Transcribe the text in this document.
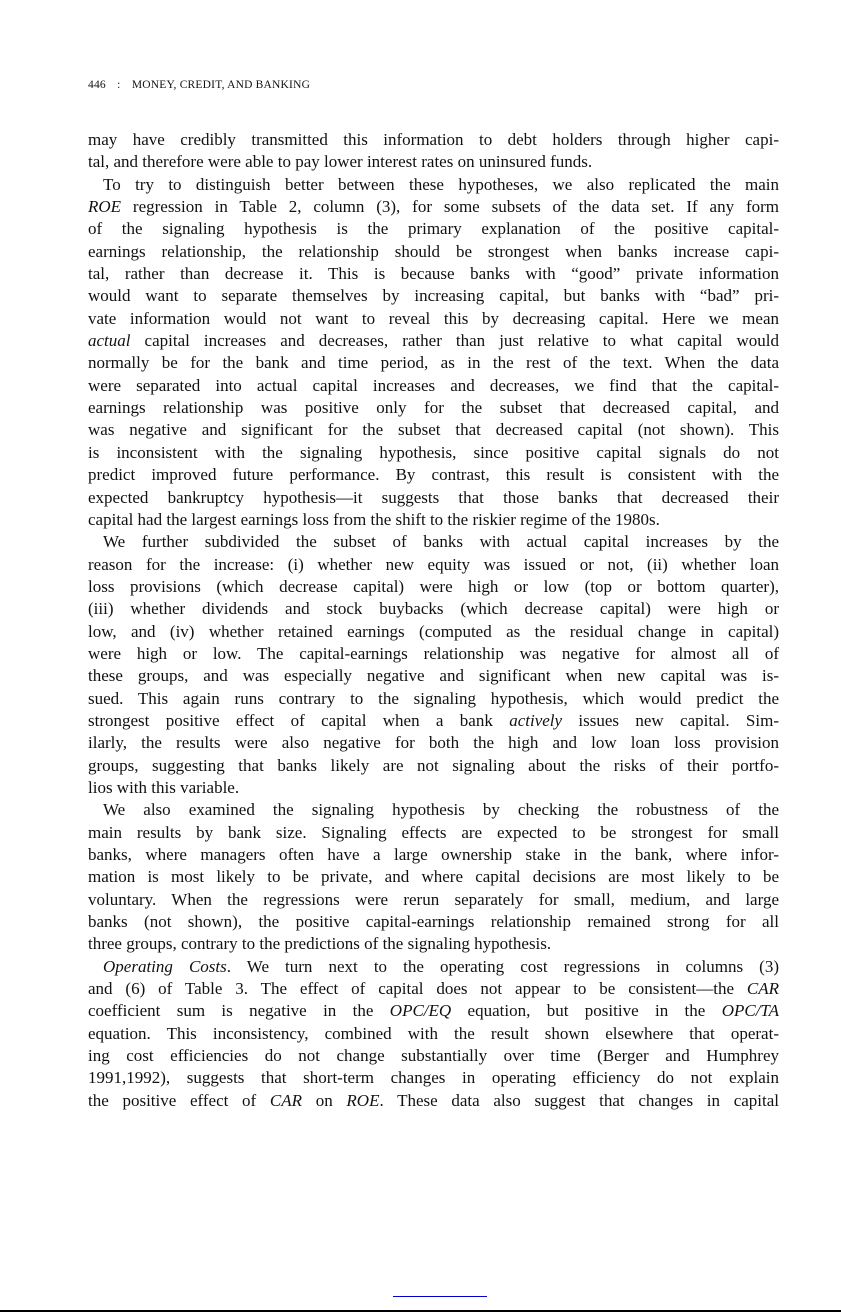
446 : MONEY, CREDIT, AND BANKING
may have credibly transmitted this information to debt holders through higher capi-
tal, and therefore were able to pay lower interest rates on uninsured funds.
To try to distinguish better between these hypotheses, we also replicated the main
ROE regression in Table 2, column (3), for some subsets of the data set. If any form
of the signaling hypothesis is the primary explanation of the positive capital-
earnings relationship, the relationship should be strongest when banks increase capi-
tal, rather than decrease it. This is because banks with “good” private information
would want to separate themselves by increasing capital, but banks with “bad” pri-
vate information would not want to reveal this by decreasing capital. Here we mean
actual capital increases and decreases, rather than just relative to what capital would
normally be for the bank and time period, as in the rest of the text. When the data
were separated into actual capital increases and decreases, we find that the capital-
earnings relationship was positive only for the subset that decreased capital, and
was negative and significant for the subset that decreased capital (not shown). This
is inconsistent with the signaling hypothesis, since positive capital signals do not
predict improved future performance. By contrast, this result is consistent with the
expected bankruptcy hypothesis—it suggests that those banks that decreased their
capital had the largest earnings loss from the shift to the riskier regime of the 1980s.
We further subdivided the subset of banks with actual capital increases by the
reason for the increase: (i) whether new equity was issued or not, (ii) whether loan
loss provisions (which decrease capital) were high or low (top or bottom quarter),
(iii) whether dividends and stock buybacks (which decrease capital) were high or
low, and (iv) whether retained earnings (computed as the residual change in capital)
were high or low. The capital-earnings relationship was negative for almost all of
these groups, and was especially negative and significant when new capital was is-
sued. This again runs contrary to the signaling hypothesis, which would predict the
strongest positive effect of capital when a bank actively issues new capital. Sim-
ilarly, the results were also negative for both the high and low loan loss provision
groups, suggesting that banks likely are not signaling about the risks of their portfo-
lios with this variable.
We also examined the signaling hypothesis by checking the robustness of the
main results by bank size. Signaling effects are expected to be strongest for small
banks, where managers often have a large ownership stake in the bank, where infor-
mation is most likely to be private, and where capital decisions are most likely to be
voluntary. When the regressions were rerun separately for small, medium, and large
banks (not shown), the positive capital-earnings relationship remained strong for all
three groups, contrary to the predictions of the signaling hypothesis.
Operating Costs. We turn next to the operating cost regressions in columns (3)
and (6) of Table 3. The effect of capital does not appear to be consistent—the CAR
coefficient sum is negative in the OPC/EQ equation, but positive in the OPC/TA
equation. This inconsistency, combined with the result shown elsewhere that operat-
ing cost efficiencies do not change substantially over time (Berger and Humphrey
1991,1992), suggests that short-term changes in operating efficiency do not explain
the positive effect of CAR on ROE. These data also suggest that changes in capital
